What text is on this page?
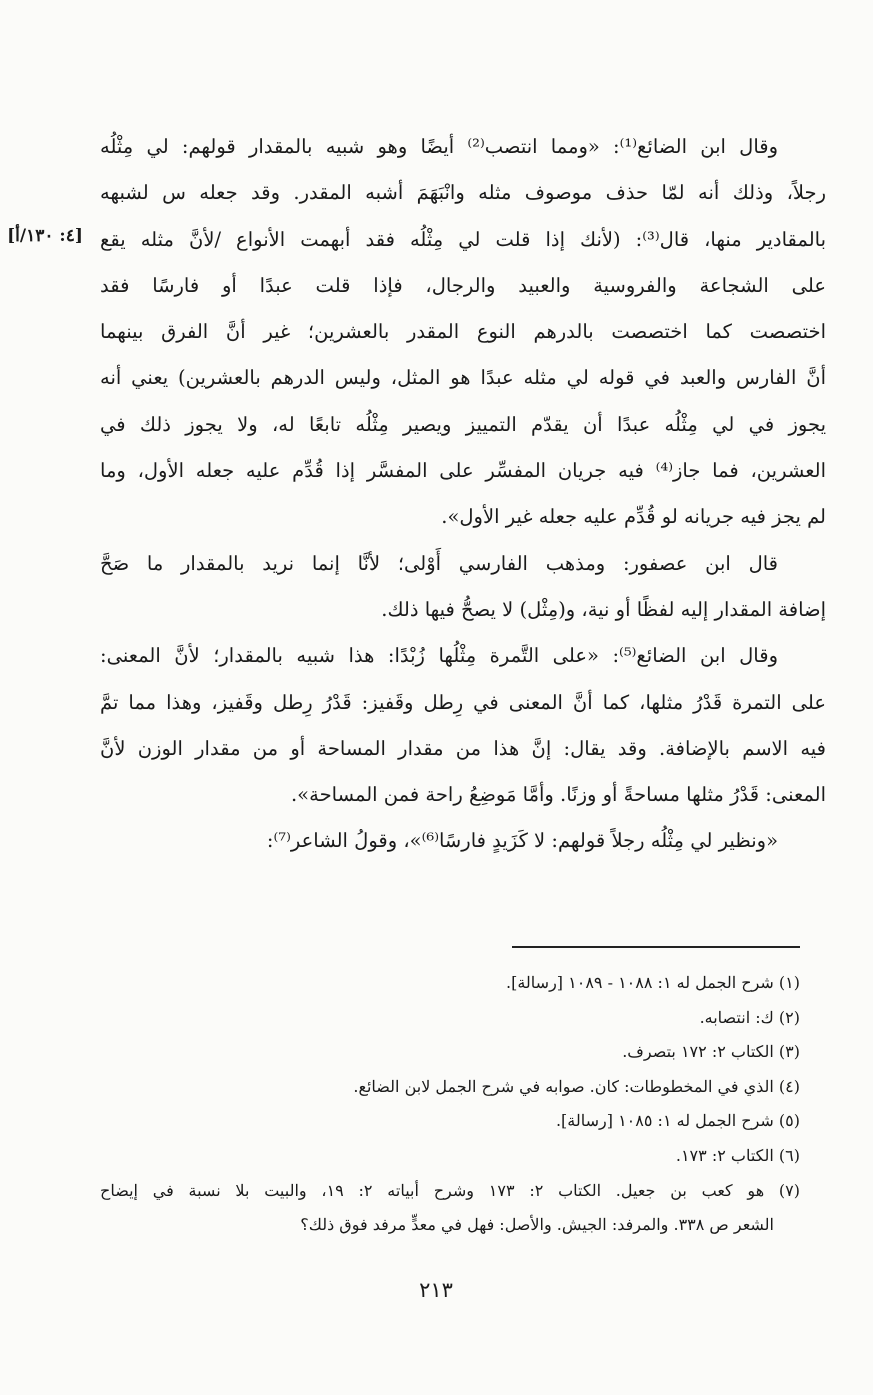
وقال ابن الضائع⁽¹⁾: «ومما انتصب⁽²⁾ أيضًا وهو شبيه بالمقدار قولهم: لي مِثْلُه
رجلاً، وذلك أنه لمّا حذف موصوف مثله وانْبَهَمَ أشبه المقدر. وقد جعله س لشبهه
بالمقادير منها، قال⁽³⁾: (لأنك إذا قلت لي مِثْلُه فقد أبهمت الأنواع /لأنَّ مثله يقع
على الشجاعة والفروسية والعبيد والرجال، فإذا قلت عبدًا أو فارسًا فقد
اختصصت كما اختصصت بالدرهم النوع المقدر بالعشرين؛ غير أنَّ الفرق بينهما
أنَّ الفارس والعبد في قوله لي مثله عبدًا هو المثل، وليس الدرهم بالعشرين) يعني أنه
يجوز في لي مِثْلُه عبدًا أن يقدّم التمييز ويصير مِثْلُه تابعًا له، ولا يجوز ذلك في
العشرين، فما جاز⁽⁴⁾ فيه جريان المفسِّر على المفسَّر إذا قُدِّم عليه جعله الأول، وما
لم يجز فيه جريانه لو قُدِّم عليه جعله غير الأول».
قال ابن عصفور: ومذهب الفارسي أَوْلى؛ لأنَّا إنما نريد بالمقدار ما صَحَّ
إضافة المقدار إليه لفظًا أو نية، و(مِثْل) لا يصحُّ فيها ذلك.
وقال ابن الضائع⁽⁵⁾: «على التَّمرة مِثْلُها زُبْدًا: هذا شبيه بالمقدار؛ لأنَّ المعنى:
على التمرة قَدْرُ مثلها، كما أنَّ المعنى في رِطل وقَفيز: قَدْرُ رِطل وقَفيز، وهذا مما تمَّ
فيه الاسم بالإضافة. وقد يقال: إنَّ هذا من مقدار المساحة أو من مقدار الوزن لأنَّ
المعنى: قَدْرُ مثلها مساحةً أو وزنًا. وأمَّا مَوضِعُ راحة فمن المساحة».
«ونظير لي مِثْلُه رجلاً قولهم: لا كَزَيدٍ فارسًا⁽⁶⁾»، وقولُ الشاعر⁽⁷⁾:
[٤: ١٣٠/أ]
(١) شرح الجمل له ١: ١٠٨٨ - ١٠٨٩ [رسالة].
(٢) ك: انتصابه.
(٣) الكتاب ٢: ١٧٢ بتصرف.
(٤) الذي في المخطوطات: كان. صوابه في شرح الجمل لابن الضائع.
(٥) شرح الجمل له ١: ١٠٨٥ [رسالة].
(٦) الكتاب ٢: ١٧٣.
(٧) هو كعب بن جعيل. الكتاب ٢: ١٧٣ وشرح أبياته ٢: ١٩، والبيت بلا نسبة في إيضاح
الشعر ص ٣٣٨. والمرفد: الجيش. والأصل: فهل في معدٍّ مرفد فوق ذلك؟
٢١٣
